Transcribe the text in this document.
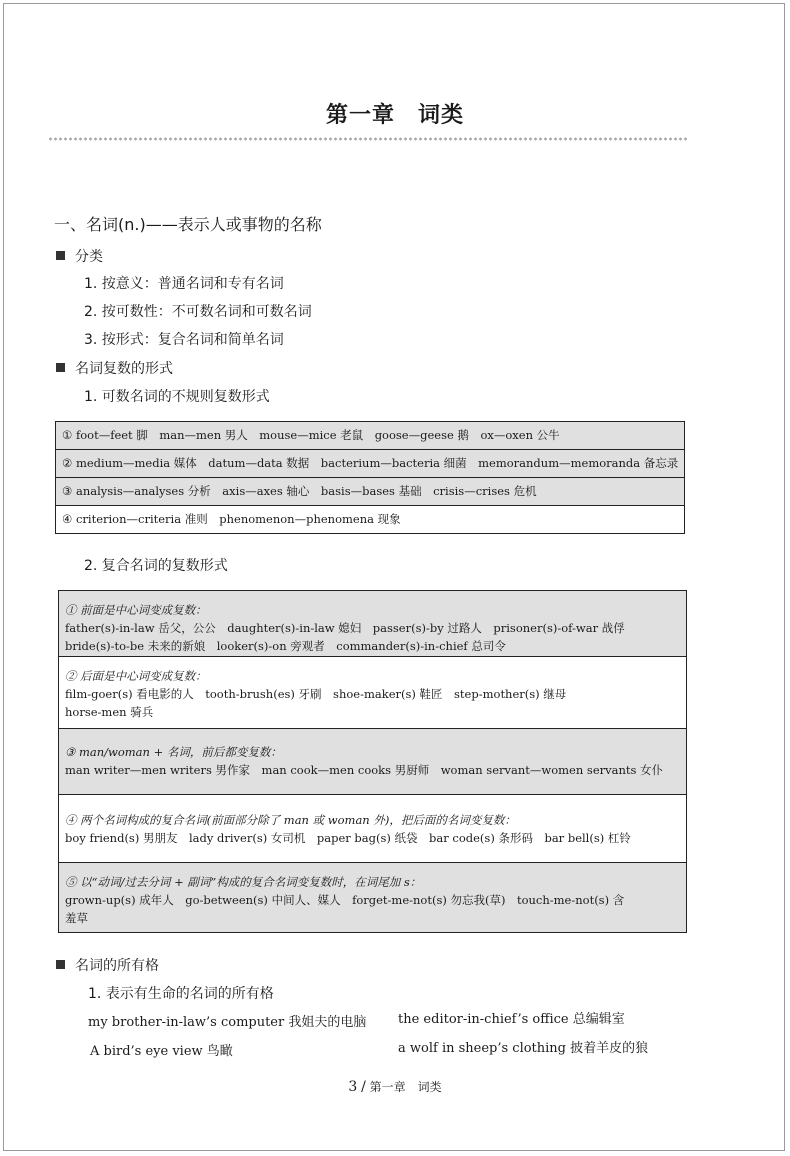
第一章　词类
一、名词(n.)——表示人或事物的名称
分类
1. 按意义：普通名词和专有名词
2. 按可数性：不可数名词和可数名词
3. 按形式：复合名词和简单名词
名词复数的形式
1. 可数名词的不规则复数形式
① foot—feet 脚　man—men 男人　mouse—mice 老鼠　goose—geese 鹅　ox—oxen 公牛
② medium—media 媒体　datum—data 数据　bacterium—bacteria 细菌　memorandum—memoranda 备忘录
③ analysis—analyses 分析　axis—axes 轴心　basis—bases 基础　crisis—crises 危机
④ criterion—criteria 准则　phenomenon—phenomena 现象
2. 复合名词的复数形式
① 前面是中心词变成复数：
father(s)-in-law 岳父，公公　daughter(s)-in-law 媳妇　passer(s)-by 过路人　prisoner(s)-of-war 战俘
bride(s)-to-be 未来的新娘　looker(s)-on 旁观者　commander(s)-in-chief 总司令
② 后面是中心词变成复数：
film-goer(s) 看电影的人　tooth-brush(es) 牙刷　shoe-maker(s) 鞋匠　step-mother(s) 继母
horse-men 骑兵
③ man/woman + 名词，前后都变复数：
man writer—men writers 男作家　man cook—men cooks 男厨师　woman servant—women servants 女仆
④ 两个名词构成的复合名词(前面部分除了 man 或 woman 外)，把后面的名词变复数：
boy friend(s) 男朋友　lady driver(s) 女司机　paper bag(s) 纸袋　bar code(s) 条形码　bar bell(s) 杠铃
⑤ 以“动词/过去分词 + 副词”构成的复合名词变复数时，在词尾加 s：
grown-up(s) 成年人　go-between(s) 中间人、媒人　forget-me-not(s) 勿忘我(草)　touch-me-not(s) 含
羞草
名词的所有格
1. 表示有生命的名词的所有格
my brother-in-law’s computer 我姐夫的电脑 the editor-in-chief’s office 总编辑室
A bird’s eye view 鸟瞰	a wolf in sheep’s clothing 披着羊皮的狼
3 / 第一章　词类
